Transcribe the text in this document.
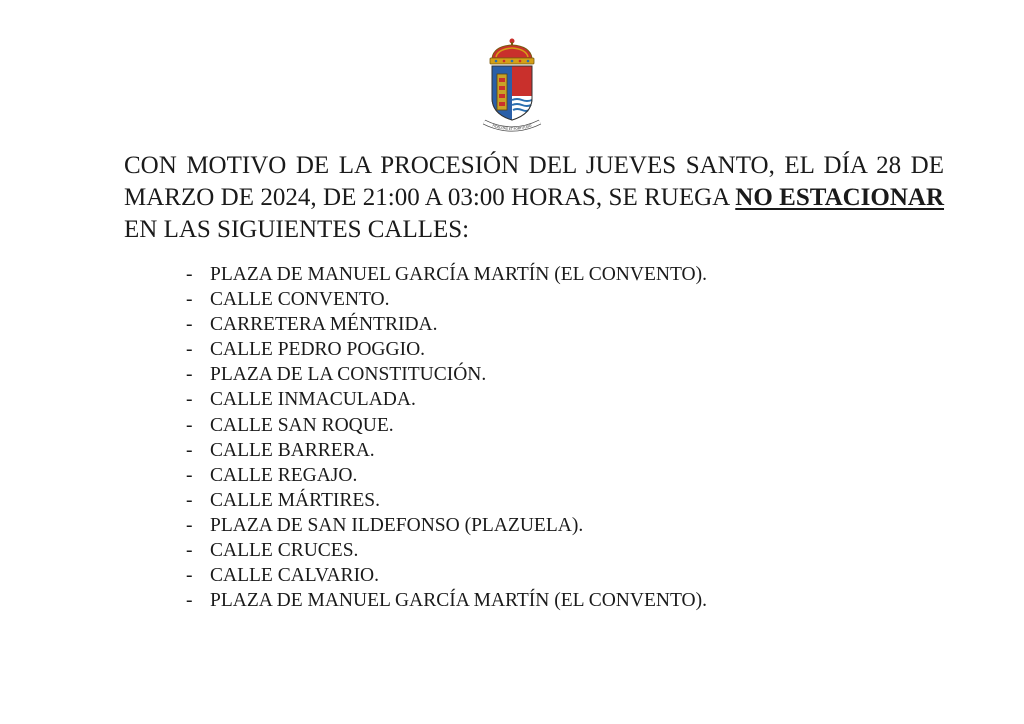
FIDELITAS ET FORTITUDO

CON MOTIVO DE LA PROCESIÓN DEL JUEVES SANTO, EL DÍA 28 DE MARZO DE 2024, DE 21:00 A 03:00 HORAS, SE RUEGA NO ESTACIONAR EN LAS SIGUIENTES CALLES:

- PLAZA DE MANUEL GARCÍA MARTÍN (EL CONVENTO).
- CALLE CONVENTO.
- CARRETERA MÉNTRIDA.
- CALLE PEDRO POGGIO.
- PLAZA DE LA CONSTITUCIÓN.
- CALLE INMACULADA.
- CALLE SAN ROQUE.
- CALLE BARRERA.
- CALLE REGAJO.
- CALLE MÁRTIRES.
- PLAZA DE SAN ILDEFONSO (PLAZUELA).
- CALLE CRUCES.
- CALLE CALVARIO.
- PLAZA DE MANUEL GARCÍA MARTÍN (EL CONVENTO).
